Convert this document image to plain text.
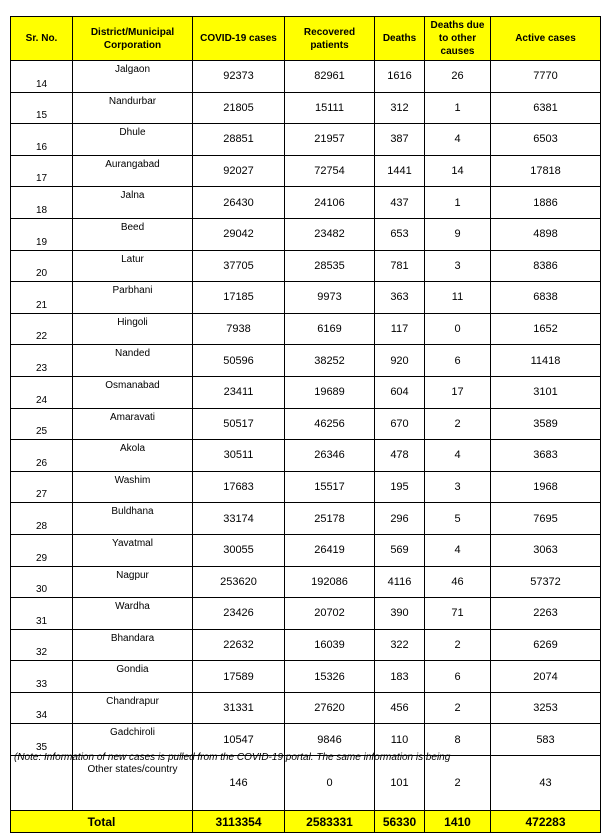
Sr. No.	District/Municipal Corporation	COVID-19 cases	Recovered patients	Deaths	Deaths due to other causes	Active cases
14	Jalgaon	92373	82961	1616	26	7770
15	Nandurbar	21805	15111	312	1	6381
16	Dhule	28851	21957	387	4	6503
17	Aurangabad	92027	72754	1441	14	17818
18	Jalna	26430	24106	437	1	1886
19	Beed	29042	23482	653	9	4898
20	Latur	37705	28535	781	3	8386
21	Parbhani	17185	9973	363	11	6838
22	Hingoli	7938	6169	117	0	1652
23	Nanded	50596	38252	920	6	11418
24	Osmanabad	23411	19689	604	17	3101
25	Amaravati	50517	46256	670	2	3589
26	Akola	30511	26346	478	4	3683
27	Washim	17683	15517	195	3	1968
28	Buldhana	33174	25178	296	5	7695
29	Yavatmal	30055	26419	569	4	3063
30	Nagpur	253620	192086	4116	46	57372
31	Wardha	23426	20702	390	71	2263
32	Bhandara	22632	16039	322	2	6269
33	Gondia	17589	15326	183	6	2074
34	Chandrapur	31331	27620	456	2	3253
35	Gadchiroli	10547	9846	110	8	583
	Other states/country	146	0	101	2	43
Total		3113354	2583331	56330	1410	472283
(Note: Information of new cases is pulled from the COVID-19 portal. The same information is being
